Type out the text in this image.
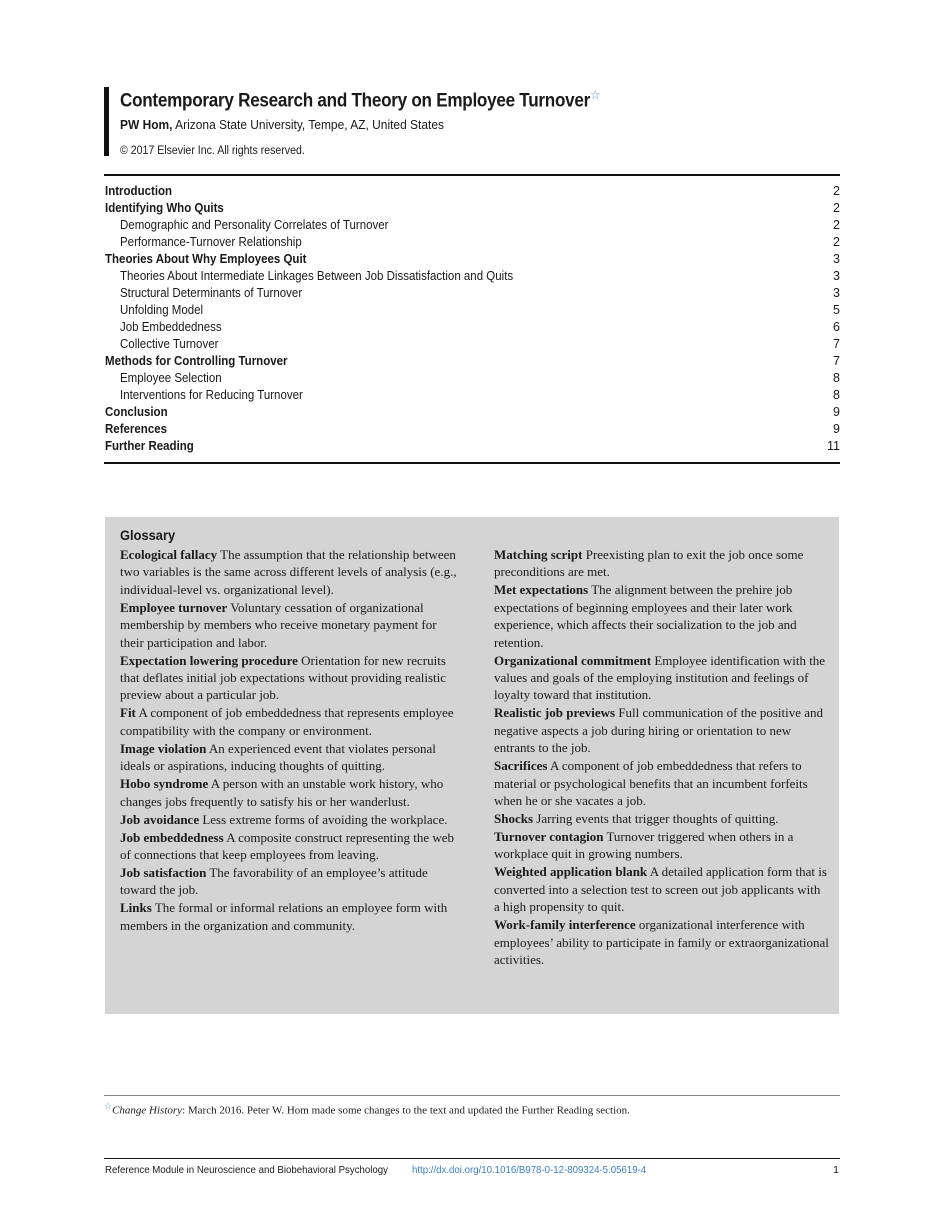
Contemporary Research and Theory on Employee Turnover☆
PW Hom, Arizona State University, Tempe, AZ, United States
© 2017 Elsevier Inc. All rights reserved.
Introduction	2
Identifying Who Quits	2
Demographic and Personality Correlates of Turnover	2
Performance-Turnover Relationship	2
Theories About Why Employees Quit	3
Theories About Intermediate Linkages Between Job Dissatisfaction and Quits	3
Structural Determinants of Turnover	3
Unfolding Model	5
Job Embeddedness	6
Collective Turnover	7
Methods for Controlling Turnover	7
Employee Selection	8
Interventions for Reducing Turnover	8
Conclusion	9
References	9
Further Reading	11
Glossary
Ecological fallacy The assumption that the relationship between two variables is the same across different levels of analysis (e.g., individual-level vs. organizational level).
Employee turnover Voluntary cessation of organizational membership by members who receive monetary payment for their participation and labor.
Expectation lowering procedure Orientation for new recruits that deflates initial job expectations without providing realistic preview about a particular job.
Fit A component of job embeddedness that represents employee compatibility with the company or environment.
Image violation An experienced event that violates personal ideals or aspirations, inducing thoughts of quitting.
Hobo syndrome A person with an unstable work history, who changes jobs frequently to satisfy his or her wanderlust.
Job avoidance Less extreme forms of avoiding the workplace.
Job embeddedness A composite construct representing the web of connections that keep employees from leaving.
Job satisfaction The favorability of an employee’s attitude toward the job.
Links The formal or informal relations an employee form with members in the organization and community.
Matching script Preexisting plan to exit the job once some preconditions are met.
Met expectations The alignment between the prehire job expectations of beginning employees and their later work experience, which affects their socialization to the job and retention.
Organizational commitment Employee identification with the values and goals of the employing institution and feelings of loyalty toward that institution.
Realistic job previews Full communication of the positive and negative aspects a job during hiring or orientation to new entrants to the job.
Sacrifices A component of job embeddedness that refers to material or psychological benefits that an incumbent forfeits when he or she vacates a job.
Shocks Jarring events that trigger thoughts of quitting.
Turnover contagion Turnover triggered when others in a workplace quit in growing numbers.
Weighted application blank A detailed application form that is converted into a selection test to screen out job applicants with a high propensity to quit.
Work-family interference organizational interference with employees’ ability to participate in family or extraorganizational activities.
☆Change History: March 2016. Peter W. Hom made some changes to the text and updated the Further Reading section.
Reference Module in Neuroscience and Biobehavioral Psychology http://dx.doi.org/10.1016/B978-0-12-809324-5.05619-4	1
